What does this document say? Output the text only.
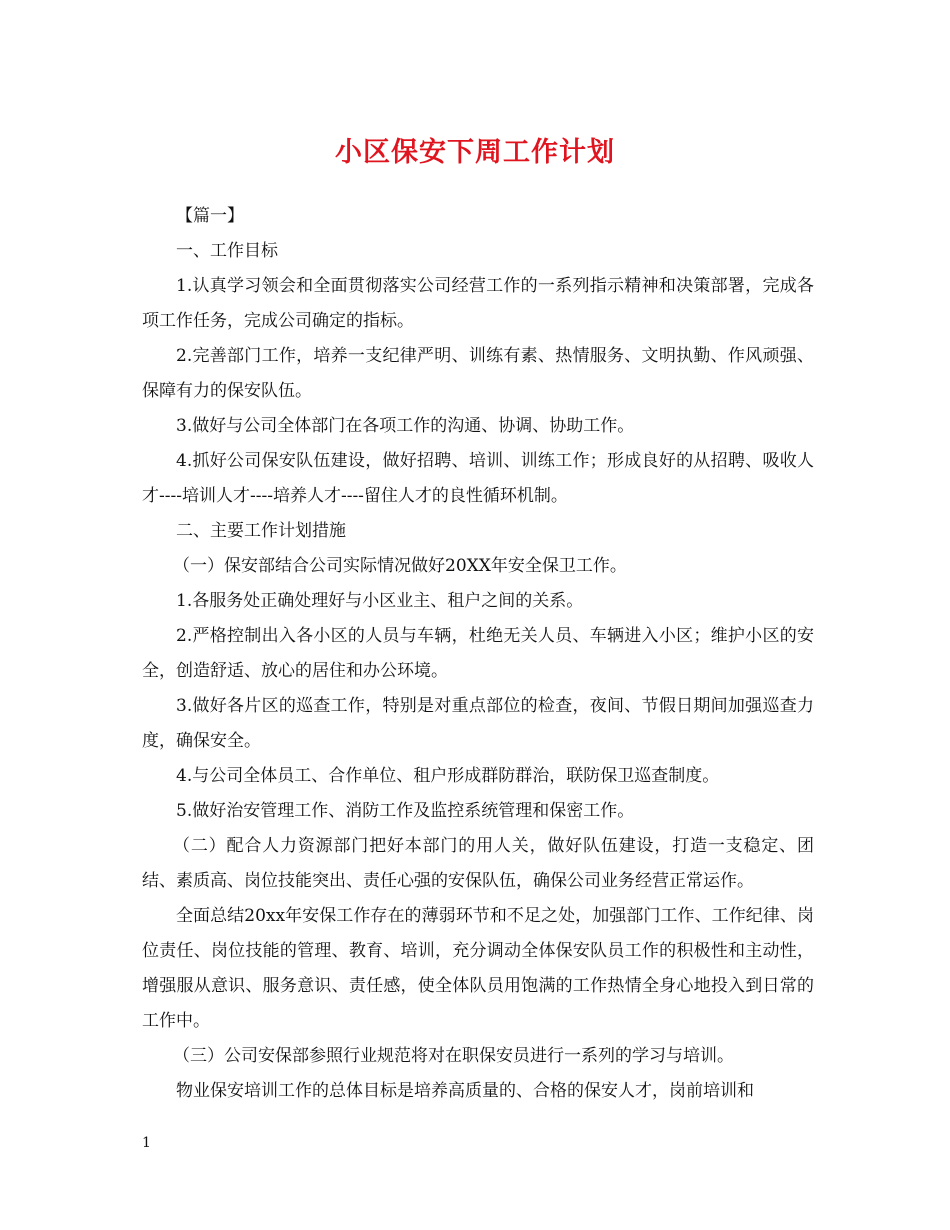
小区保安下周工作计划

【篇一】

一、工作目标

1.认真学习领会和全面贯彻落实公司经营工作的一系列指示精神和决策部署，完成各项工作任务，完成公司确定的指标。

2.完善部门工作，培养一支纪律严明、训练有素、热情服务、文明执勤、作风顽强、保障有力的保安队伍。

3.做好与公司全体部门在各项工作的沟通、协调、协助工作。

4.抓好公司保安队伍建设，做好招聘、培训、训练工作；形成良好的从招聘、吸收人才----培训人才----培养人才----留住人才的良性循环机制。

二、主要工作计划措施

（一）保安部结合公司实际情况做好20XX年安全保卫工作。

1.各服务处正确处理好与小区业主、租户之间的关系。

2.严格控制出入各小区的人员与车辆，杜绝无关人员、车辆进入小区；维护小区的安全，创造舒适、放心的居住和办公环境。

3.做好各片区的巡查工作，特别是对重点部位的检查，夜间、节假日期间加强巡查力度，确保安全。

4.与公司全体员工、合作单位、租户形成群防群治，联防保卫巡查制度。

5.做好治安管理工作、消防工作及监控系统管理和保密工作。

（二）配合人力资源部门把好本部门的用人关，做好队伍建设，打造一支稳定、团结、素质高、岗位技能突出、责任心强的安保队伍，确保公司业务经营正常运作。

全面总结20xx年安保工作存在的薄弱环节和不足之处，加强部门工作、工作纪律、岗位责任、岗位技能的管理、教育、培训，充分调动全体保安队员工作的积极性和主动性，增强服从意识、服务意识、责任感，使全体队员用饱满的工作热情全身心地投入到日常的工作中。

（三）公司安保部参照行业规范将对在职保安员进行一系列的学习与培训。

物业保安培训工作的总体目标是培养高质量的、合格的保安人才，岗前培训和

1
